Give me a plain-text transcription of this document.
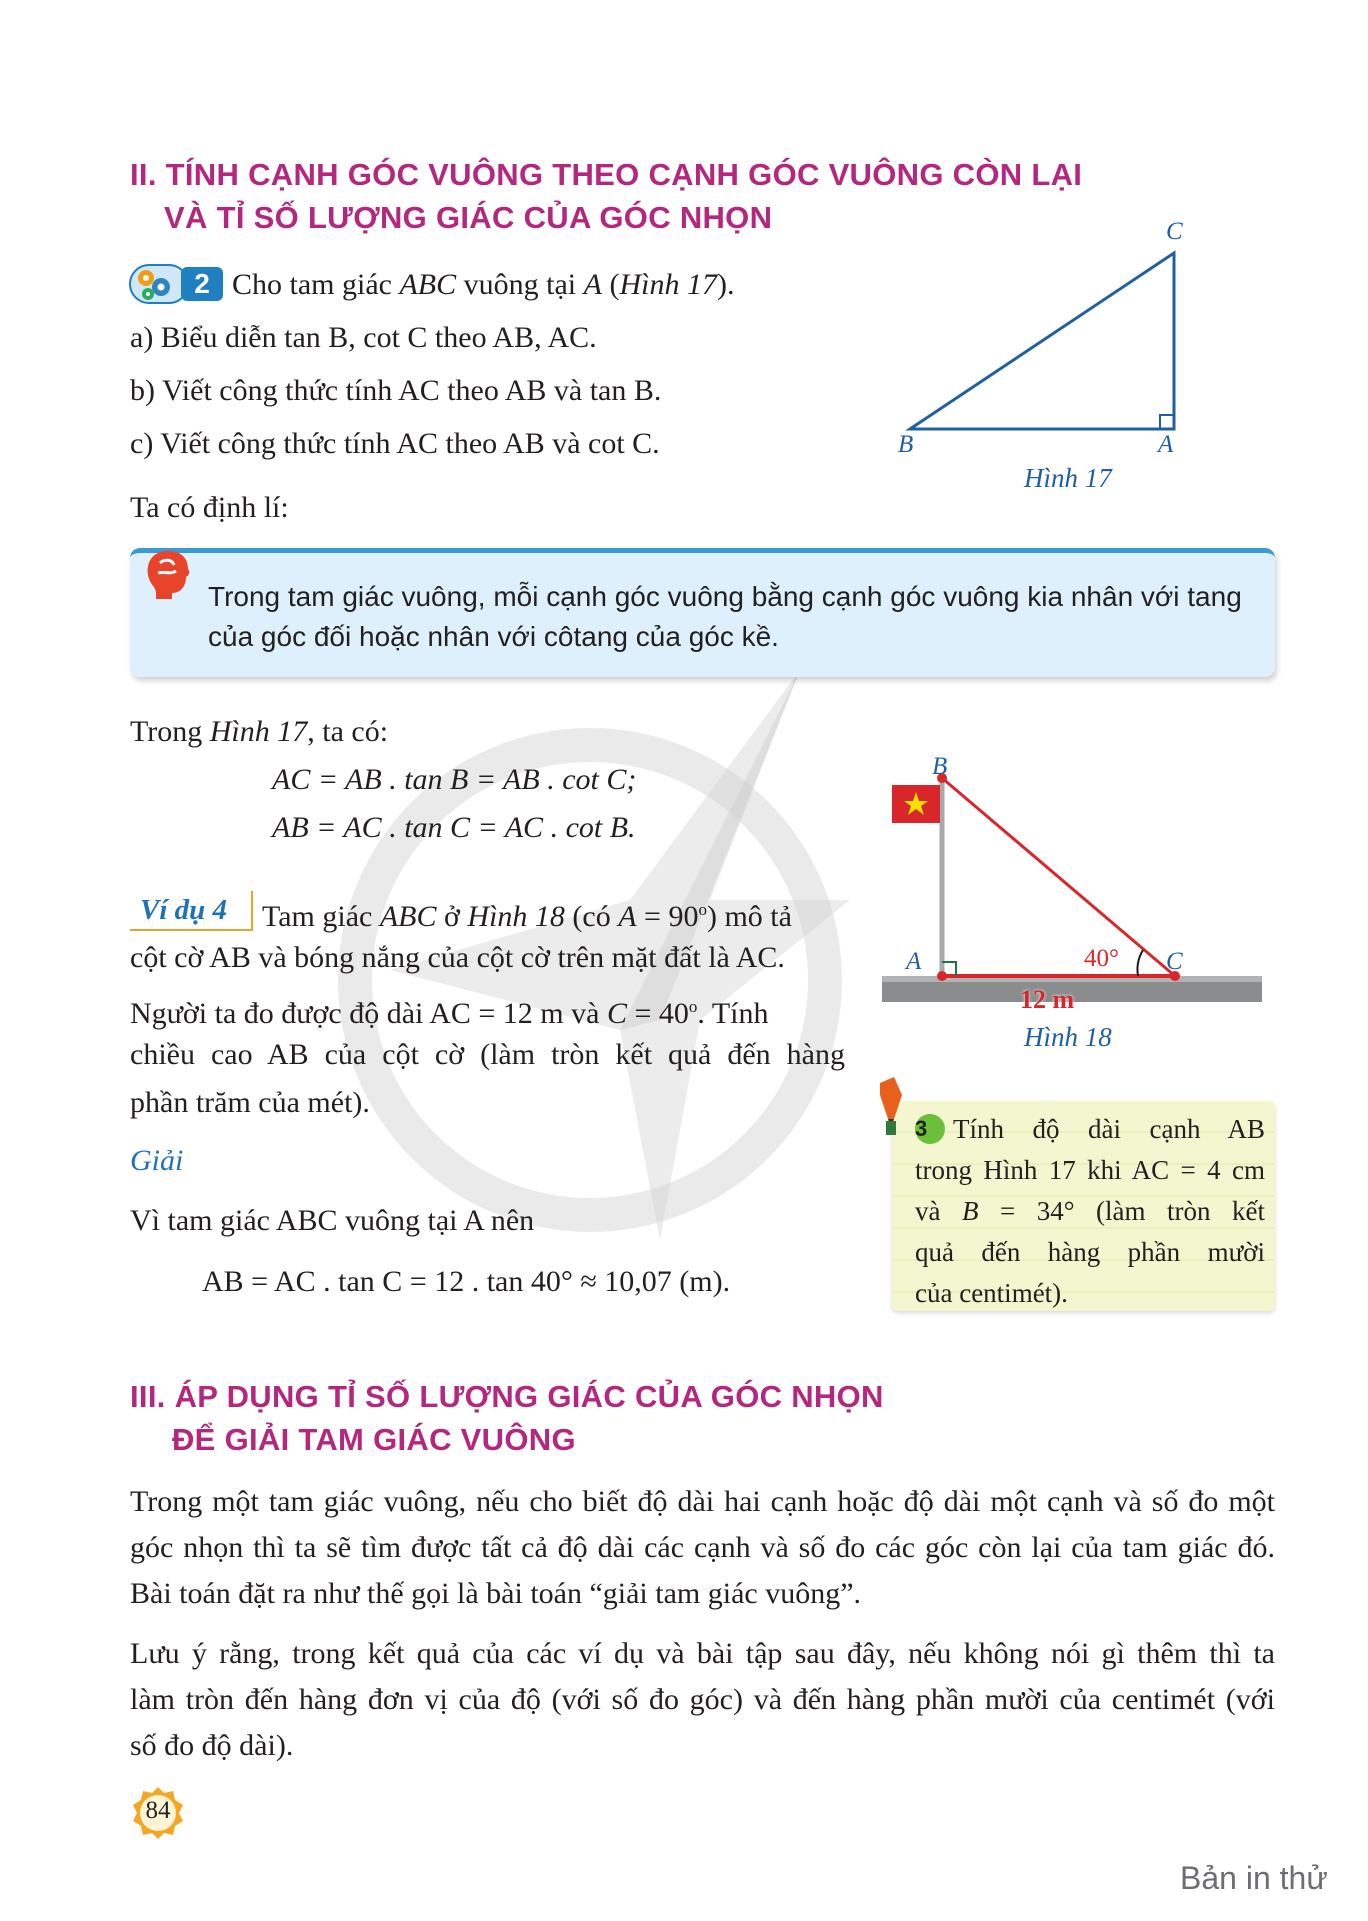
II. TÍNH CẠNH GÓC VUÔNG THEO CẠNH GÓC VUÔNG CÒN LẠI
VÀ TỈ SỐ LƯỢNG GIÁC CỦA GÓC NHỌN
2 Cho tam giác ABC vuông tại A (Hình 17).
a) Biểu diễn tan B, cot C theo AB, AC.
b) Viết công thức tính AC theo AB và tan B.
c) Viết công thức tính AC theo AB và cot C.
C
B	A
Hình 17
Ta có định lí:
Trong tam giác vuông, mỗi cạnh góc vuông bằng cạnh góc vuông kia nhân với tang của góc đối hoặc nhân với côtang của góc kề.
Trong Hình 17, ta có:
AC = AB . tan B = AB . cot C;
AB = AC . tan C = AC . cot B.
Ví dụ 4	Tam giác ABC ở Hình 18 (có $A = 90^o$) mô tả
cột cờ AB và bóng nắng của cột cờ trên mặt đất là AC.
Người ta đo được độ dài AC = 12 m và $C = 40^o$. Tính
chiều cao AB của cột cờ (làm tròn kết quả đến hàng
phần trăm của mét).
Giải
Vì tam giác ABC vuông tại A nên
AB = AC . tan C = 12 . tan 40° ≈ 10,07 (m).
B
A	C
40°
12 m
Hình 18
3 Tính độ dài cạnh AB
trong Hình 17 khi AC = 4 cm
và B = 34° (làm tròn kết
quả đến hàng phần mười
của centimét).
III. ÁP DỤNG TỈ SỐ LƯỢNG GIÁC CỦA GÓC NHỌN
ĐỂ GIẢI TAM GIÁC VUÔNG
Trong một tam giác vuông, nếu cho biết độ dài hai cạnh hoặc độ dài một cạnh và số đo một
góc nhọn thì ta sẽ tìm được tất cả độ dài các cạnh và số đo các góc còn lại của tam giác đó.
Bài toán đặt ra như thế gọi là bài toán “giải tam giác vuông”.
Lưu ý rằng, trong kết quả của các ví dụ và bài tập sau đây, nếu không nói gì thêm thì ta
làm tròn đến hàng đơn vị của độ (với số đo góc) và đến hàng phần mười của centimét (với
số đo độ dài).
84
Bản in thử
